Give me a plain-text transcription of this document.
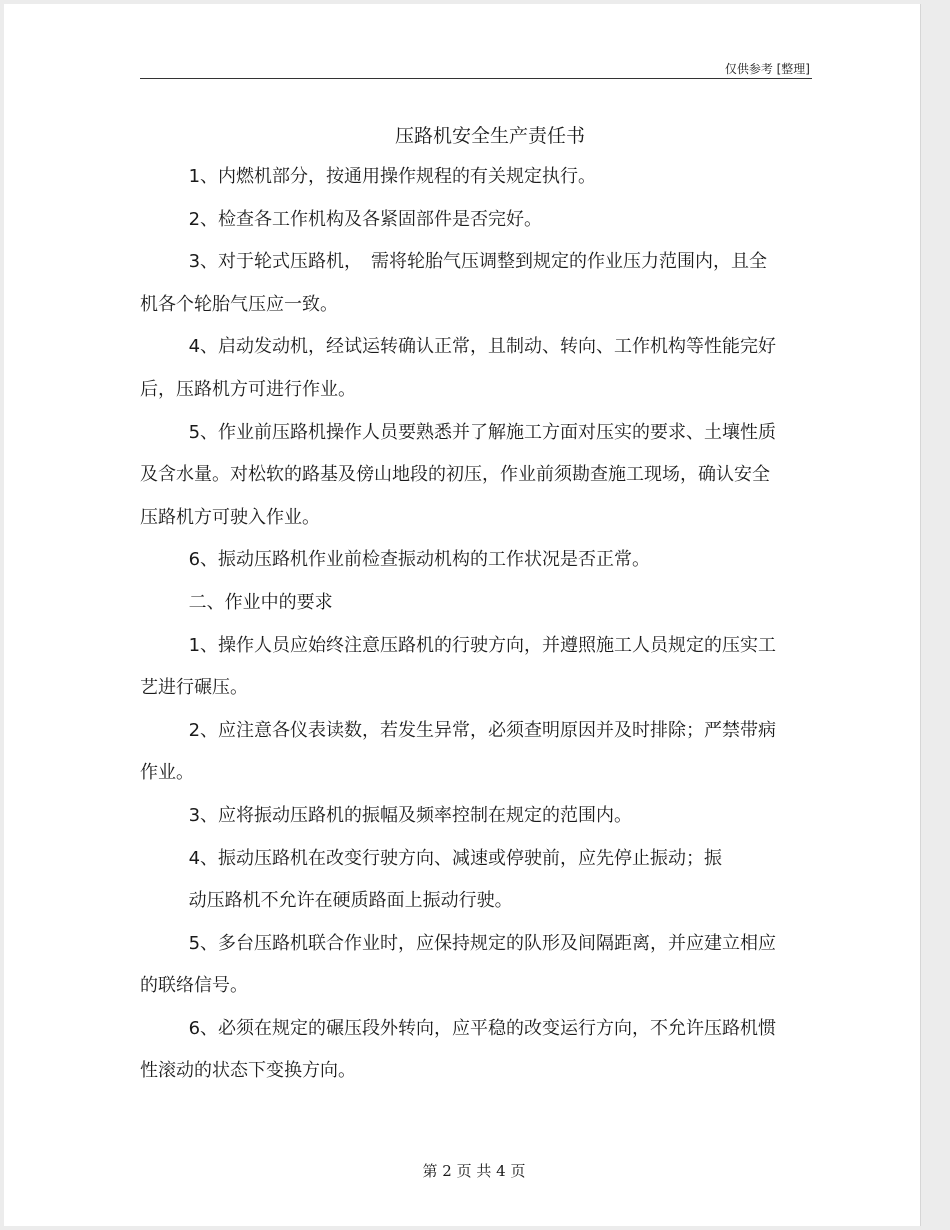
仅供参考 [整理]
压路机安全生产责任书

1、内燃机部分，按通用操作规程的有关规定执行。

2、检查各工作机构及各紧固部件是否完好。

3、对于轮式压路机，　需将轮胎气压调整到规定的作业压力范围内，且全机各个轮胎气压应一致。

4、启动发动机，经试运转确认正常，且制动、转向、工作机构等性能完好后，压路机方可进行作业。

5、作业前压路机操作人员要熟悉并了解施工方面对压实的要求、土壤性质及含水量。对松软的路基及傍山地段的初压，作业前须勘查施工现场，确认安全压路机方可驶入作业。

6、振动压路机作业前检查振动机构的工作状况是否正常。

二、作业中的要求

1、操作人员应始终注意压路机的行驶方向，并遵照施工人员规定的压实工艺进行碾压。

2、应注意各仪表读数，若发生异常，必须查明原因并及时排除；严禁带病作业。

3、应将振动压路机的振幅及频率控制在规定的范围内。

4、振动压路机在改变行驶方向、减速或停驶前，应先停止振动；振

动压路机不允许在硬质路面上振动行驶。

5、多台压路机联合作业时，应保持规定的队形及间隔距离，并应建立相应的联络信号。

6、必须在规定的碾压段外转向，应平稳的改变运行方向，不允许压路机惯性滚动的状态下变换方向。

第 2 页 共 4 页
